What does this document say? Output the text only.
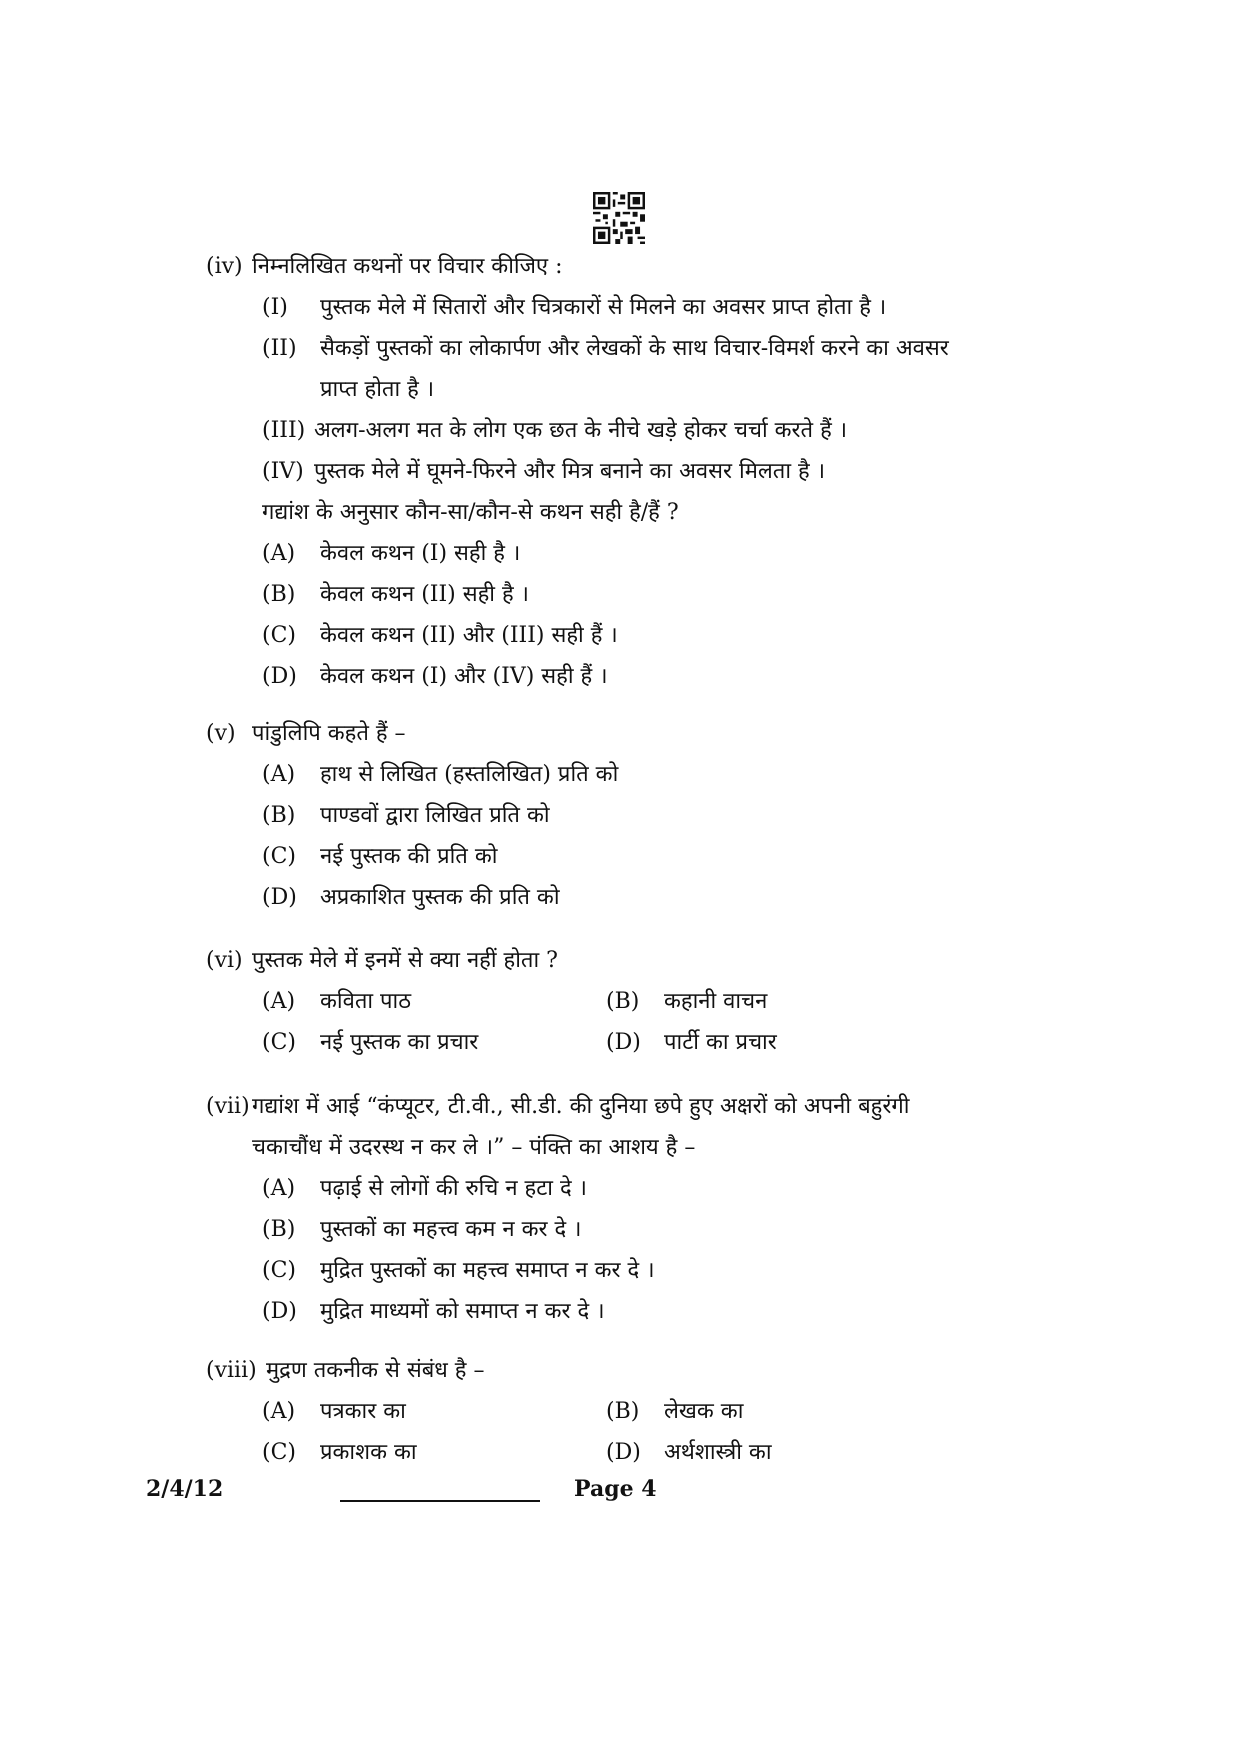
(iv) निम्नलिखित कथनों पर विचार कीजिए :
(I) पुस्तक मेले में सितारों और चित्रकारों से मिलने का अवसर प्राप्त होता है ।
(II) सैकड़ों पुस्तकों का लोकार्पण और लेखकों के साथ विचार-विमर्श करने का अवसर
प्राप्त होता है ।
(III) अलग-अलग मत के लोग एक छत के नीचे खड़े होकर चर्चा करते हैं ।
(IV) पुस्तक मेले में घूमने-फिरने और मित्र बनाने का अवसर मिलता है ।
गद्यांश के अनुसार कौन-सा/कौन-से कथन सही है/हैं ?
(A) केवल कथन (I) सही है ।
(B) केवल कथन (II) सही है ।
(C) केवल कथन (II) और (III) सही हैं ।
(D) केवल कथन (I) और (IV) सही हैं ।
(v) पांडुलिपि कहते हैं –
(A) हाथ से लिखित (हस्तलिखित) प्रति को
(B) पाण्डवों द्वारा लिखित प्रति को
(C) नई पुस्तक की प्रति को
(D) अप्रकाशित पुस्तक की प्रति को
(vi) पुस्तक मेले में इनमें से क्या नहीं होता ?
(A) कविता पाठ	(B) कहानी वाचन
(C) नई पुस्तक का प्रचार	(D) पार्टी का प्रचार
(vii) गद्यांश में आई “कंप्यूटर, टी.वी., सी.डी. की दुनिया छपे हुए अक्षरों को अपनी बहुरंगी
चकाचौंध में उदरस्थ न कर ले ।” – पंक्ति का आशय है –
(A) पढ़ाई से लोगों की रुचि न हटा दे ।
(B) पुस्तकों का महत्त्व कम न कर दे ।
(C) मुद्रित पुस्तकों का महत्त्व समाप्त न कर दे ।
(D) मुद्रित माध्यमों को समाप्त न कर दे ।
(viii) मुद्रण तकनीक से संबंध है –
(A) पत्रकार का	(B) लेखक का
(C) प्रकाशक का	(D) अर्थशास्त्री का
2/4/12	Page 4
